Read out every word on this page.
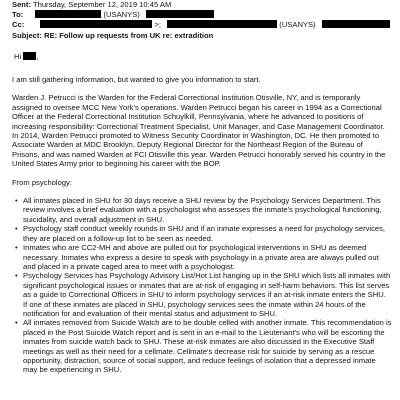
Sent: Thursday, September 12, 2019 10:45 AM
To:	(USANYS)
Cc:	>;	(USANYS)
Subject: RE: Follow up requests from UK re: extradition
Hi ,

I am still gathering information, but wanted to give you information to start.

Warden J. Petrucci is the Warden for the Federal Correctional Institution Otisville, NY, and is temporarily assigned to oversee MCC New York's operations. Warden Petrucci began his career in 1994 as a Correctional Officer at the Federal Correctional Institution Schuylkill, Pennsylvania, where he advanced to positions of increasing responsibility: Correctional Treatment Specialist, Unit Manager, and Case Management Coordinator. In 2014, Warden Petrucci promoted to Witness Security Coordinator in Washington, DC. He then promoted to Associate Warden at MDC Brooklyn, Deputy Regional Director for the Northeast Region of the Bureau of Prisons, and was named Warden at FCI Otisville this year. Warden Petrucci honorably served his country in the United States Army prior to beginning his career with the BOP.

From psychology:

• All inmates placed in SHU for 30 days receive a SHU review by the Psychology Services Department. This review involves a brief evaluation with a psychologist who assesses the inmate's psychological functioning, suicidality, and overall adjustment in SHU.
• Psychology staff conduct weekly rounds in SHU and if an inmate expresses a need for psychology services, they are placed on a follow-up list to be seen as needed.
• Inmates who are CC2-MH and above are pulled out for psychological interventions in SHU as deemed necessary. Inmates who express a desire to speak with psychology in a private area are always pulled out and placed in a private caged area to meet with a psychologist.
• Psychology Services has Psychology Advisory List/Hot List hanging up in the SHU which lists all inmates with significant psychological issues or inmates that are at-risk of engaging in self-harm behaviors. This list serves as a guide to Correctional Officers in SHU to inform psychology services if an at-risk inmate enters the SHU. If one of these inmates are placed in SHU, psychology services sees the inmate within 24 hours of the notification for and evaluation of their mental status and adjustment to SHU.
• All inmates removed from Suicide Watch are to be double celled with another inmate. This recommendation is placed in the Post Suicide Watch report and is sent in an e-mail to the Lieutenant's who will be escorting the inmates from suicide watch back to SHU. These at-risk inmates are also discussed in the Executive Staff meetings as well as their need for a cellmate. Cellmate's decrease risk for suicide by serving as a rescue opportunity, distraction, source of social support, and reduce feelings of isolation that a depressed inmate may be experiencing in SHU.
